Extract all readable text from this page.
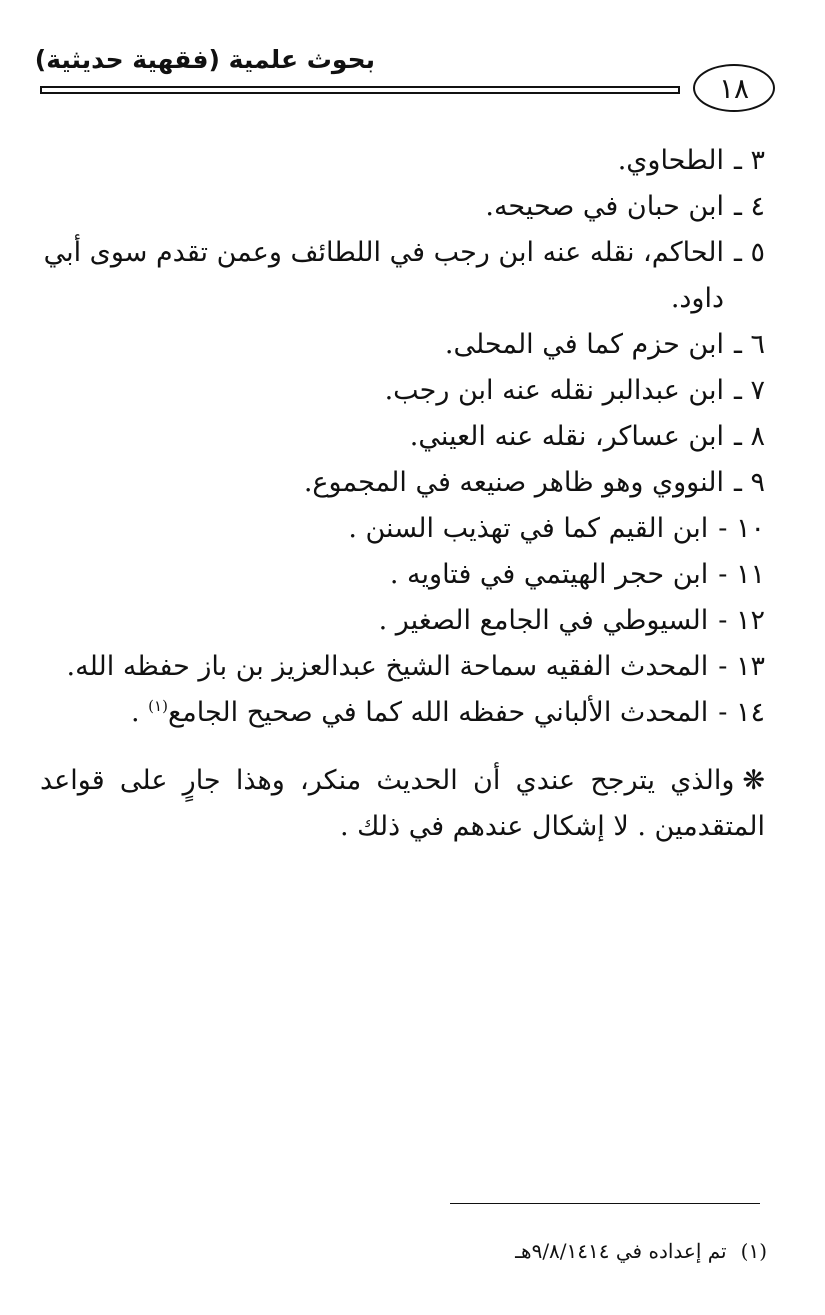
بحوث علمية (فقهية حديثية)
١٨
٣ ـ
الطحاوي.
٤ ـ
ابن حبان في صحيحه.
٥ ـ
الحاكم، نقله عنه ابن رجب في اللطائف وعمن تقدم سوى أبي داود.
٦ ـ
ابن حزم كما في المحلى.
٧ ـ
ابن عبدالبر نقله عنه ابن رجب.
٨ ـ
ابن عساكر، نقله عنه العيني.
٩ ـ
النووي وهو ظاهر صنيعه في المجموع.
١٠ -
ابن القيم كما في تهذيب السنن .
١١ -
ابن حجر الهيتمي في فتاويه .
١٢ -
السيوطي في الجامع الصغير .
١٣ -
المحدث الفقيه سماحة الشيخ عبدالعزيز بن باز حفظه الله.
١٤ -
المحدث الألباني حفظه الله كما في صحيح الجامع$^{(١)}$ .
❋والذي يترجح عندي أن الحديث منكر، وهذا جارٍ على قواعد المتقدمين . لا إشكال عندهم في ذلك .
(١)تم إعداده في ٩/٨/١٤١٤هـ
